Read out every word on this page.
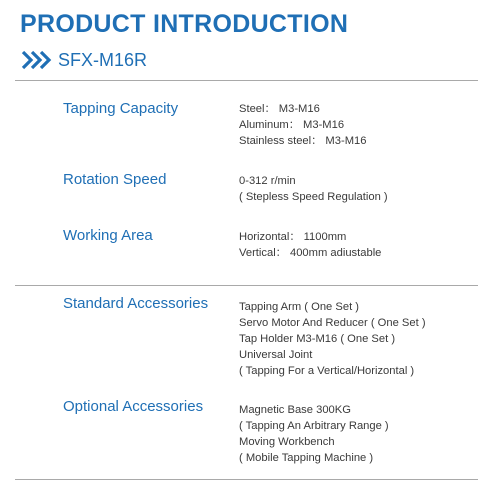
PRODUCT INTRODUCTION
SFX-M16R
Tapping Capacity	Steel： M3-M16
Aluminum： M3-M16
Stainless steel： M3-M16
Rotation Speed	0-312 r/min
( Stepless Speed Regulation )
Working Area	Horizontal： 1100mm
Vertical： 400mm adiustable
Standard Accessories	Tapping Arm ( One Set )
Servo Motor And Reducer ( One Set )
Tap Holder M3-M16 ( One Set )
Universal Joint
( Tapping For a Vertical/Horizontal )
Optional Accessories	Magnetic Base 300KG
( Tapping An Arbitrary Range )
Moving Workbench
( Mobile Tapping Machine )
